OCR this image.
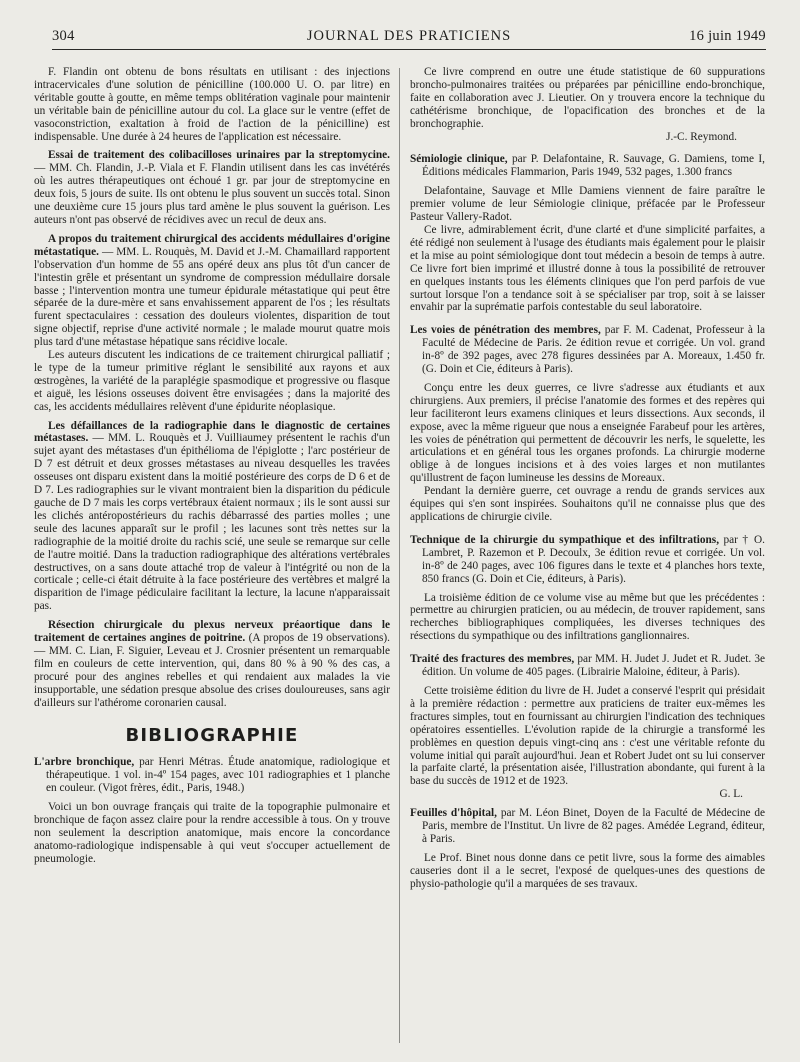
304	JOURNAL DES PRATICIENS	16 juin 1949

F. Flandin ont obtenu de bons résultats en utilisant : des injections intracervicales d'une solution de pénicilline (100.000 U. O. par litre) en véritable goutte à goutte, en même temps oblitération vaginale pour maintenir un véritable bain de pénicilline autour du col. La glace sur le ventre (effet de vasoconstriction, exaltation à froid de l'action de la pénicilline) est indispensable. Une durée à 24 heures de l'application est nécessaire.

Essai de traitement des colibacilloses urinaires par la streptomycine. — MM. Ch. Flandin, J.-P. Viala et F. Flandin utilisent dans les cas invétérés où les autres thérapeutiques ont échoué 1 gr. par jour de streptomycine en deux fois, 5 jours de suite. Ils ont obtenu le plus souvent un succès total. Sinon une deuxième cure 15 jours plus tard amène le plus souvent la guérison. Les auteurs n'ont pas observé de récidives avec un recul de deux ans.

A propos du traitement chirurgical des accidents médullaires d'origine métastatique. — MM. L. Rouquès, M. David et J.-M. Chamaillard rapportent l'observation d'un homme de 55 ans opéré deux ans plus tôt d'un cancer de l'intestin grêle et présentant un syndrome de compression médullaire dorsale basse ; l'intervention montra une tumeur épidurale métastatique qui peut être séparée de la dure-mère et sans envahissement apparent de l'os ; les résultats furent spectaculaires : cessation des douleurs violentes, disparition de tout signe objectif, reprise d'une activité normale ; le malade mourut quatre mois plus tard d'une métastase hépatique sans récidive locale.

Les auteurs discutent les indications de ce traitement chirurgical palliatif ; le type de la tumeur primitive réglant le sensibilité aux rayons et aux œstrogènes, la variété de la paraplégie spasmodique et progressive ou flasque et aiguë, les lésions osseuses doivent être envisagées ; dans la majorité des cas, les accidents médullaires relèvent d'une épidurite néoplasique.

Les défaillances de la radiographie dans le diagnostic de certaines métastases. — MM. L. Rouquès et J. Vuilliaumey présentent le rachis d'un sujet ayant des métastases d'un épithélioma de l'épiglotte ; l'arc postérieur de D 7 est détruit et deux grosses métastases au niveau desquelles les travées osseuses ont disparu existent dans la moitié postérieure des corps de D 6 et de D 7. Les radiographies sur le vivant montraient bien la disparition du pédicule gauche de D 7 mais les corps vertébraux étaient normaux ; ils le sont aussi sur les clichés antéropostérieurs du rachis débarrassé des parties molles ; une seule des lacunes apparaît sur le profil ; les lacunes sont très nettes sur la radiographie de la moitié droite du rachis scié, une seule se remarque sur celle de l'autre moitié. Dans la traduction radiographique des altérations vertébrales destructives, on a sans doute attaché trop de valeur à l'intégrité ou non de la corticale ; celle-ci était détruite à la face postérieure des vertèbres et malgré la disparition de l'image pédiculaire facilitant la lecture, la lacune n'apparaissait pas.

Résection chirurgicale du plexus nerveux préaortique dans le traitement de certaines angines de poitrine. (A propos de 19 observations). — MM. C. Lian, F. Siguier, Leveau et J. Crosnier présentent un remarquable film en couleurs de cette intervention, qui, dans 80 % à 90 % des cas, a procuré pour des angines rebelles et qui rendaient aux malades la vie insupportable, une sédation presque absolue des crises douloureuses, sans agir d'ailleurs sur l'athérome coronarien causal.

BIBLIOGRAPHIE

L'arbre bronchique, par Henri Métras. Étude anatomique, radiologique et thérapeutique. 1 vol. in-4º 154 pages, avec 101 radiographies et 1 planche en couleur. (Vigot frères, édit., Paris, 1948.)

Voici un bon ouvrage français qui traite de la topographie pulmonaire et bronchique de façon assez claire pour la rendre accessible à tous. On y trouve non seulement la description anatomique, mais encore la concordance anatomo-radiologique indispensable à qui veut s'occuper actuellement de pneumologie.

Ce livre comprend en outre une étude statistique de 60 suppurations broncho-pulmonaires traitées ou préparées par pénicilline endo-bronchique, faite en collaboration avec J. Lieutier. On y trouvera encore la technique du cathétérisme bronchique, de l'opacification des bronches et de la bronchographie.

J.-C. Reymond.

Sémiologie clinique, par P. Delafontaine, R. Sauvage, G. Damiens, tome I, Éditions médicales Flammarion, Paris 1949, 532 pages, 1.300 francs

Delafontaine, Sauvage et Mlle Damiens viennent de faire paraître le premier volume de leur Sémiologie clinique, préfacée par le Professeur Pasteur Vallery-Radot.

Ce livre, admirablement écrit, d'une clarté et d'une simplicité parfaites, a été rédigé non seulement à l'usage des étudiants mais également pour le plaisir et la mise au point sémiologique dont tout médecin a besoin de temps à autre. Ce livre fort bien imprimé et illustré donne à tous la possibilité de retrouver en quelques instants tous les éléments cliniques que l'on perd parfois de vue surtout lorsque l'on a tendance soit à se spécialiser par trop, soit à se laisser envahir par la suprématie parfois contestable du seul laboratoire.

Les voies de pénétration des membres, par F. M. Cadenat, Professeur à la Faculté de Médecine de Paris. 2e édition revue et corrigée. Un vol. grand in-8º de 392 pages, avec 278 figures dessinées par A. Moreaux, 1.450 fr. (G. Doin et Cie, éditeurs à Paris).

Conçu entre les deux guerres, ce livre s'adresse aux étudiants et aux chirurgiens. Aux premiers, il précise l'anatomie des formes et des repères qui leur faciliteront leurs examens cliniques et leurs dissections. Aux seconds, il expose, avec la même rigueur que nous a enseignée Farabeuf pour les artères, les voies de pénétration qui permettent de découvrir les nerfs, le squelette, les articulations et en général tous les organes profonds. La chirurgie moderne oblige à de longues incisions et à des voies larges et non mutilantes qu'illustrent de façon lumineuse les dessins de Moreaux.

Pendant la dernière guerre, cet ouvrage a rendu de grands services aux équipes qui s'en sont inspirées. Souhaitons qu'il ne connaisse plus que des applications de chirurgie civile.

Technique de la chirurgie du sympathique et des infiltrations, par † O. Lambret, P. Razemon et P. Decoulx, 3e édition revue et corrigée. Un vol. in-8º de 240 pages, avec 106 figures dans le texte et 4 planches hors texte, 850 francs (G. Doin et Cie, éditeurs, à Paris).

La troisième édition de ce volume vise au même but que les précédentes : permettre au chirurgien praticien, ou au médecin, de trouver rapidement, sans recherches bibliographiques compliquées, les diverses techniques des résections du sympathique ou des infiltrations ganglionnaires.

Traité des fractures des membres, par MM. H. Judet J. Judet et R. Judet. 3e édition. Un volume de 405 pages. (Librairie Maloine, éditeur, à Paris).

Cette troisième édition du livre de H. Judet a conservé l'esprit qui présidait à la première rédaction : permettre aux praticiens de traiter eux-mêmes les fractures simples, tout en fournissant au chirurgien l'indication des techniques opératoires essentielles. L'évolution rapide de la chirurgie a transformé les problèmes en question depuis vingt-cinq ans : c'est une véritable refonte du volume initial qui paraît aujourd'hui. Jean et Robert Judet ont su lui conserver la parfaite clarté, la présentation aisée, l'illustration abondante, qui furent à la base du succès de 1912 et de 1923.

G. L.

Feuilles d'hôpital, par M. Léon Binet, Doyen de la Faculté de Médecine de Paris, membre de l'Institut. Un livre de 82 pages. Amédée Legrand, éditeur, à Paris.

Le Prof. Binet nous donne dans ce petit livre, sous la forme des aimables causeries dont il a le secret, l'exposé de quelques-unes des questions de physio-pathologie qu'il a marquées de ses travaux.
